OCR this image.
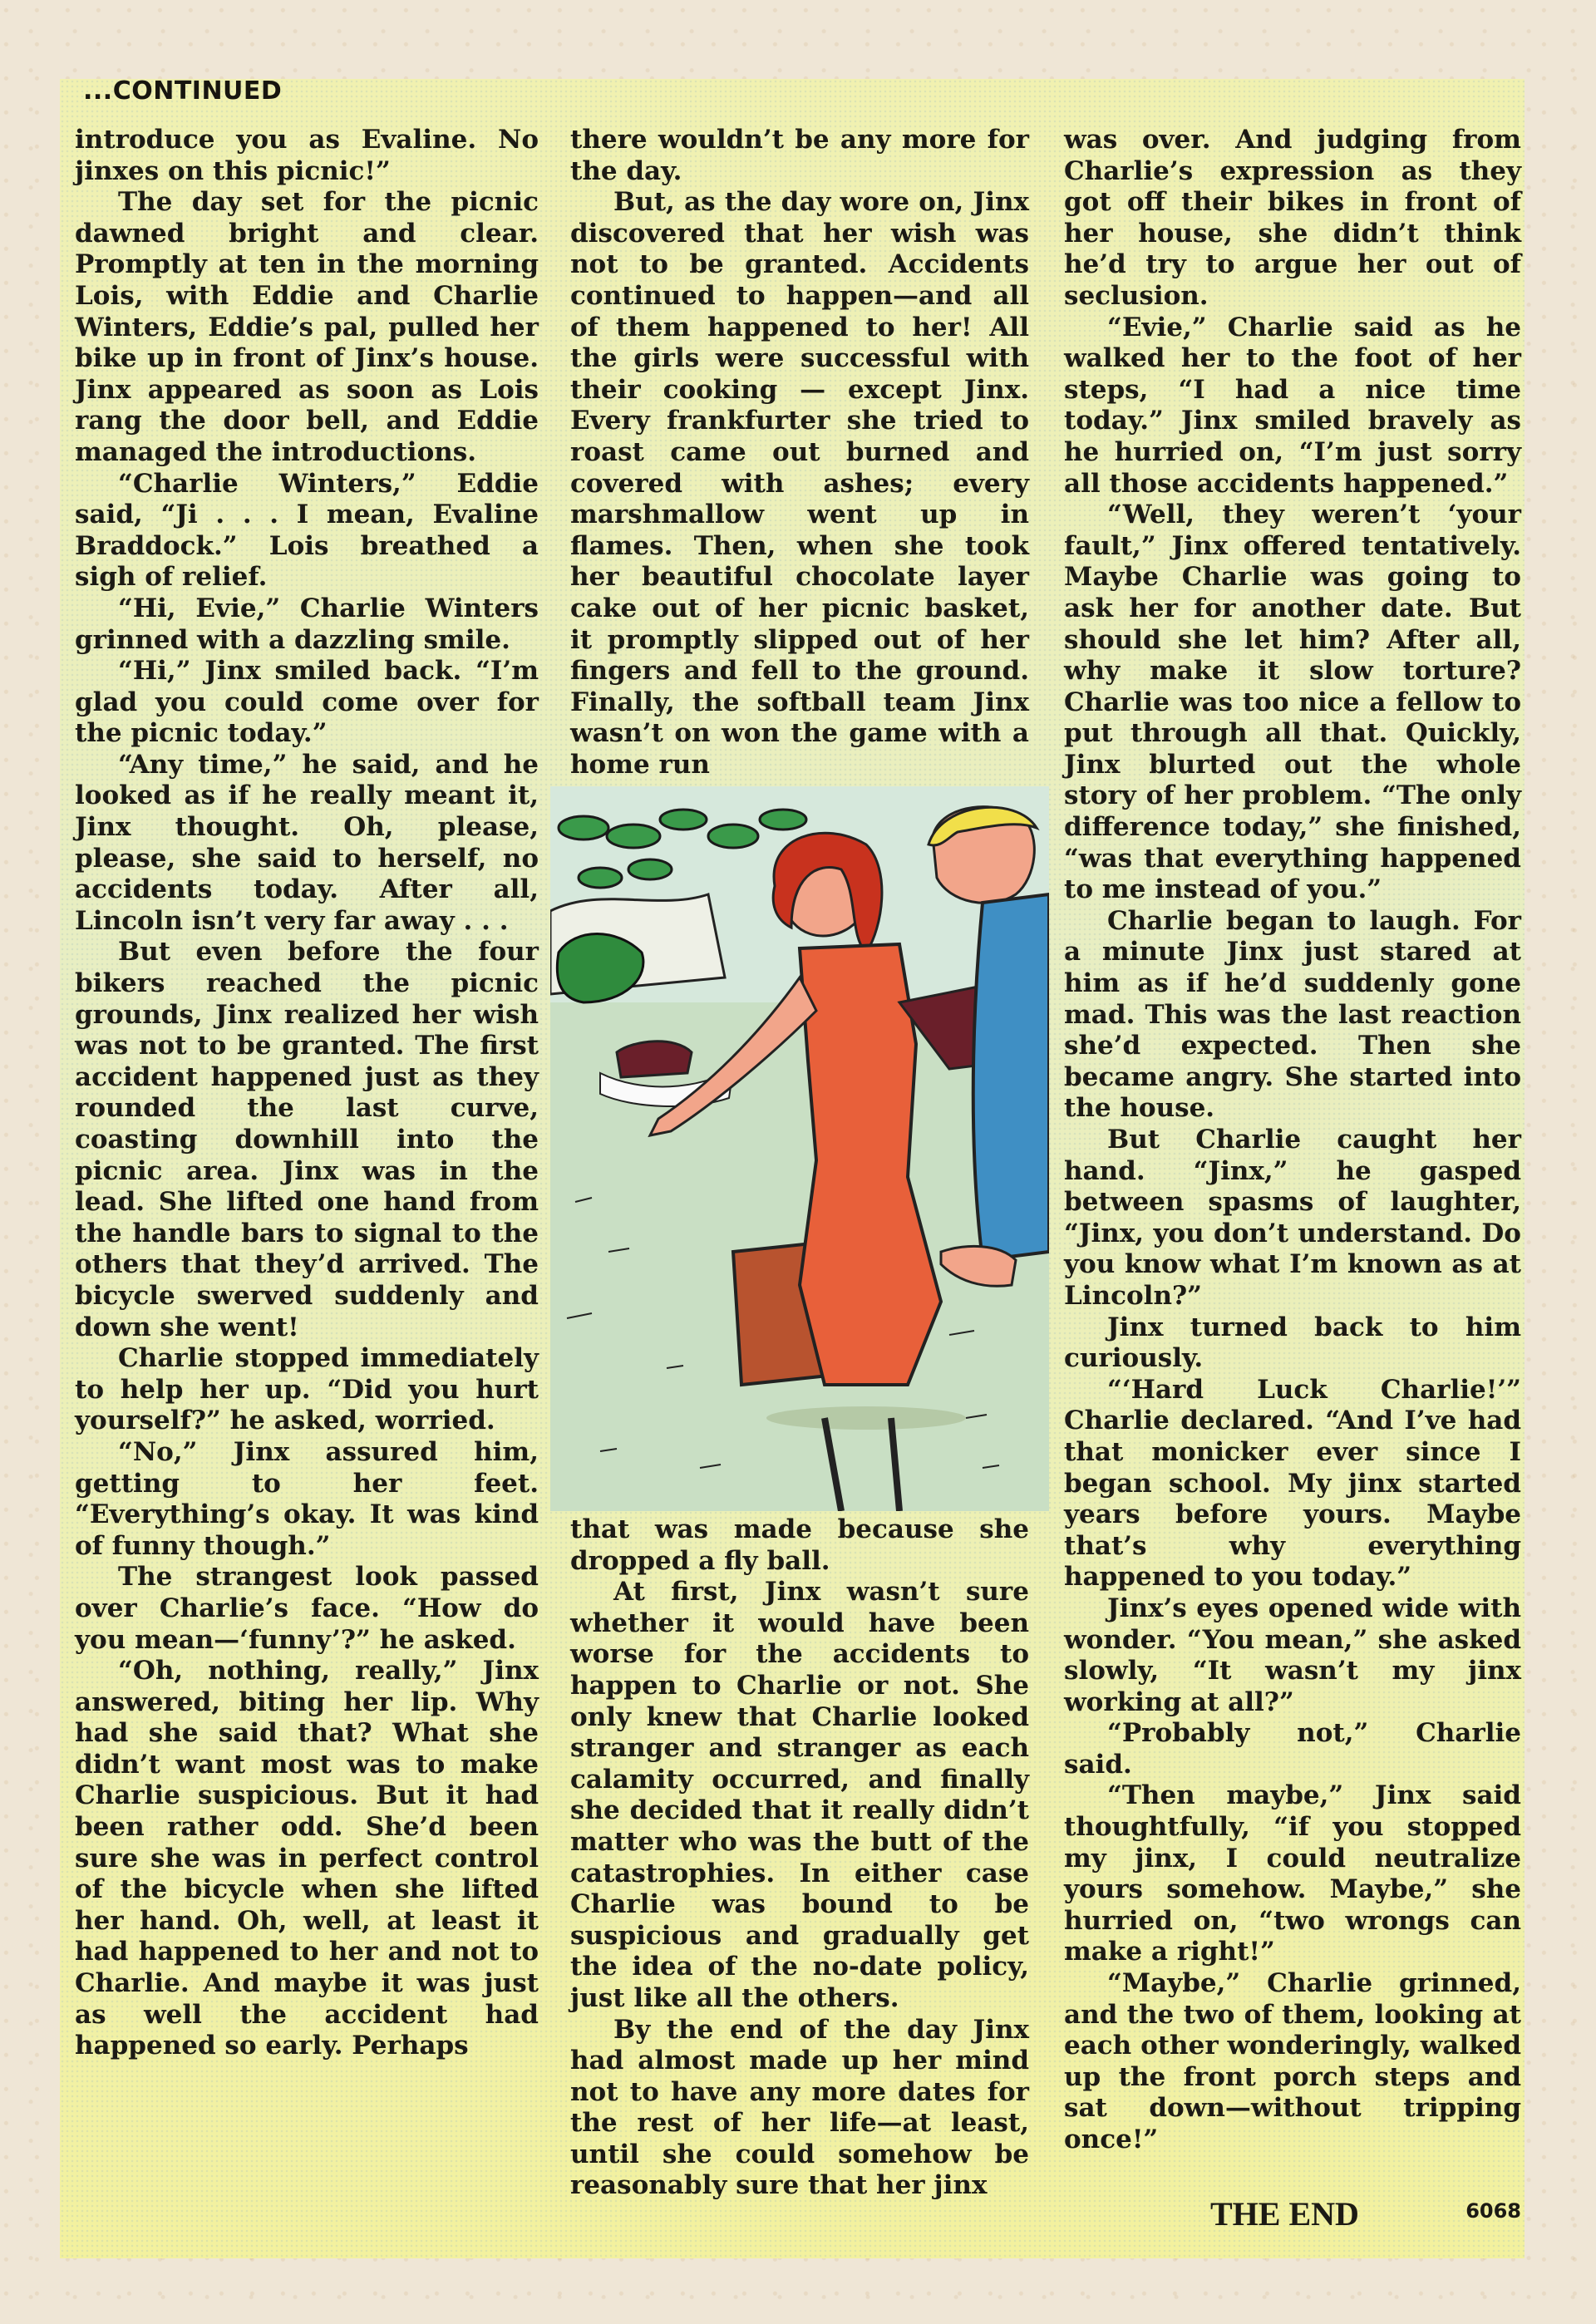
...CONTINUED

introduce you as Evaline. No jinxes on this picnic!”

The day set for the picnic dawned bright and clear. Promptly at ten in the morning Lois, with Eddie and Charlie Winters, Eddie’s pal, pulled her bike up in front of Jinx’s house. Jinx appeared as soon as Lois rang the door bell, and Eddie managed the introductions.

“Charlie Winters,” Eddie said, “Ji . . . I mean, Evaline Braddock.” Lois breathed a sigh of relief.

“Hi, Evie,” Charlie Winters grinned with a dazzling smile.

“Hi,” Jinx smiled back. “I’m glad you could come over for the picnic today.”

“Any time,” he said, and he looked as if he really meant it, Jinx thought. Oh, please, please, she said to herself, no accidents today. After all, Lincoln isn’t very far away . . .

But even before the four bikers reached the picnic grounds, Jinx realized her wish was not to be granted. The first accident happened just as they rounded the last curve, coasting downhill into the picnic area. Jinx was in the lead. She lifted one hand from the handle bars to signal to the others that they’d arrived. The bicycle swerved suddenly and down she went!

Charlie stopped immediately to help her up. “Did you hurt yourself?” he asked, worried.

“No,” Jinx assured him, getting to her feet. “Everything’s okay. It was kind of funny though.”

The strangest look passed over Charlie’s face. “How do you mean—‘funny’?” he asked.

“Oh, nothing, really,” Jinx answered, biting her lip. Why had she said that? What she didn’t want most was to make Charlie suspicious. But it had been rather odd. She’d been sure she was in perfect control of the bicycle when she lifted her hand. Oh, well, at least it had happened to her and not to Charlie. And maybe it was just as well the accident had happened so early. Perhaps

there wouldn’t be any more for the day.

But, as the day wore on, Jinx discovered that her wish was not to be granted. Accidents continued to happen—and all of them happened to her! All the girls were successful with their cooking — except Jinx. Every frankfurter she tried to roast came out burned and covered with ashes; every marshmallow went up in flames. Then, when she took her beautiful chocolate layer cake out of her picnic basket, it promptly slipped out of her fingers and fell to the ground. Finally, the softball team Jinx wasn’t on won the game with a home run

that was made because she dropped a fly ball.

At first, Jinx wasn’t sure whether it would have been worse for the accidents to happen to Charlie or not. She only knew that Charlie looked stranger and stranger as each calamity occurred, and finally she decided that it really didn’t matter who was the butt of the catastrophies. In either case Charlie was bound to be suspicious and gradually get the idea of the no-date policy, just like all the others.

By the end of the day Jinx had almost made up her mind not to have any more dates for the rest of her life—at least, until she could somehow be reasonably sure that her jinx

was over. And judging from Charlie’s expression as they got off their bikes in front of her house, she didn’t think he’d try to argue her out of seclusion.

“Evie,” Charlie said as he walked her to the foot of her steps, “I had a nice time today.” Jinx smiled bravely as he hurried on, “I’m just sorry all those accidents happened.”

“Well, they weren’t ‘your fault,” Jinx offered tentatively. Maybe Charlie was going to ask her for another date. But should she let him? After all, why make it slow torture? Charlie was too nice a fellow to put through all that. Quickly, Jinx blurted out the whole story of her problem. “The only difference today,” she finished, “was that everything happened to me instead of you.”

Charlie began to laugh. For a minute Jinx just stared at him as if he’d suddenly gone mad. This was the last reaction she’d expected. Then she became angry. She started into the house.

But Charlie caught her hand. “Jinx,” he gasped between spasms of laughter, “Jinx, you don’t understand. Do you know what I’m known as at Lincoln?”

Jinx turned back to him curiously.

“‘Hard Luck Charlie!’” Charlie declared. “And I’ve had that monicker ever since I began school. My jinx started years before yours. Maybe that’s why everything happened to you today.”

Jinx’s eyes opened wide with wonder. “You mean,” she asked slowly, “It wasn’t my jinx working at all?”

“Probably not,” Charlie said.

“Then maybe,” Jinx said thoughtfully, “if you stopped my jinx, I could neutralize yours somehow. Maybe,” she hurried on, “two wrongs can make a right!”

“Maybe,” Charlie grinned, and the two of them, looking at each other wonderingly, walked up the front porch steps and sat down—without tripping once!”

THE END	6068
